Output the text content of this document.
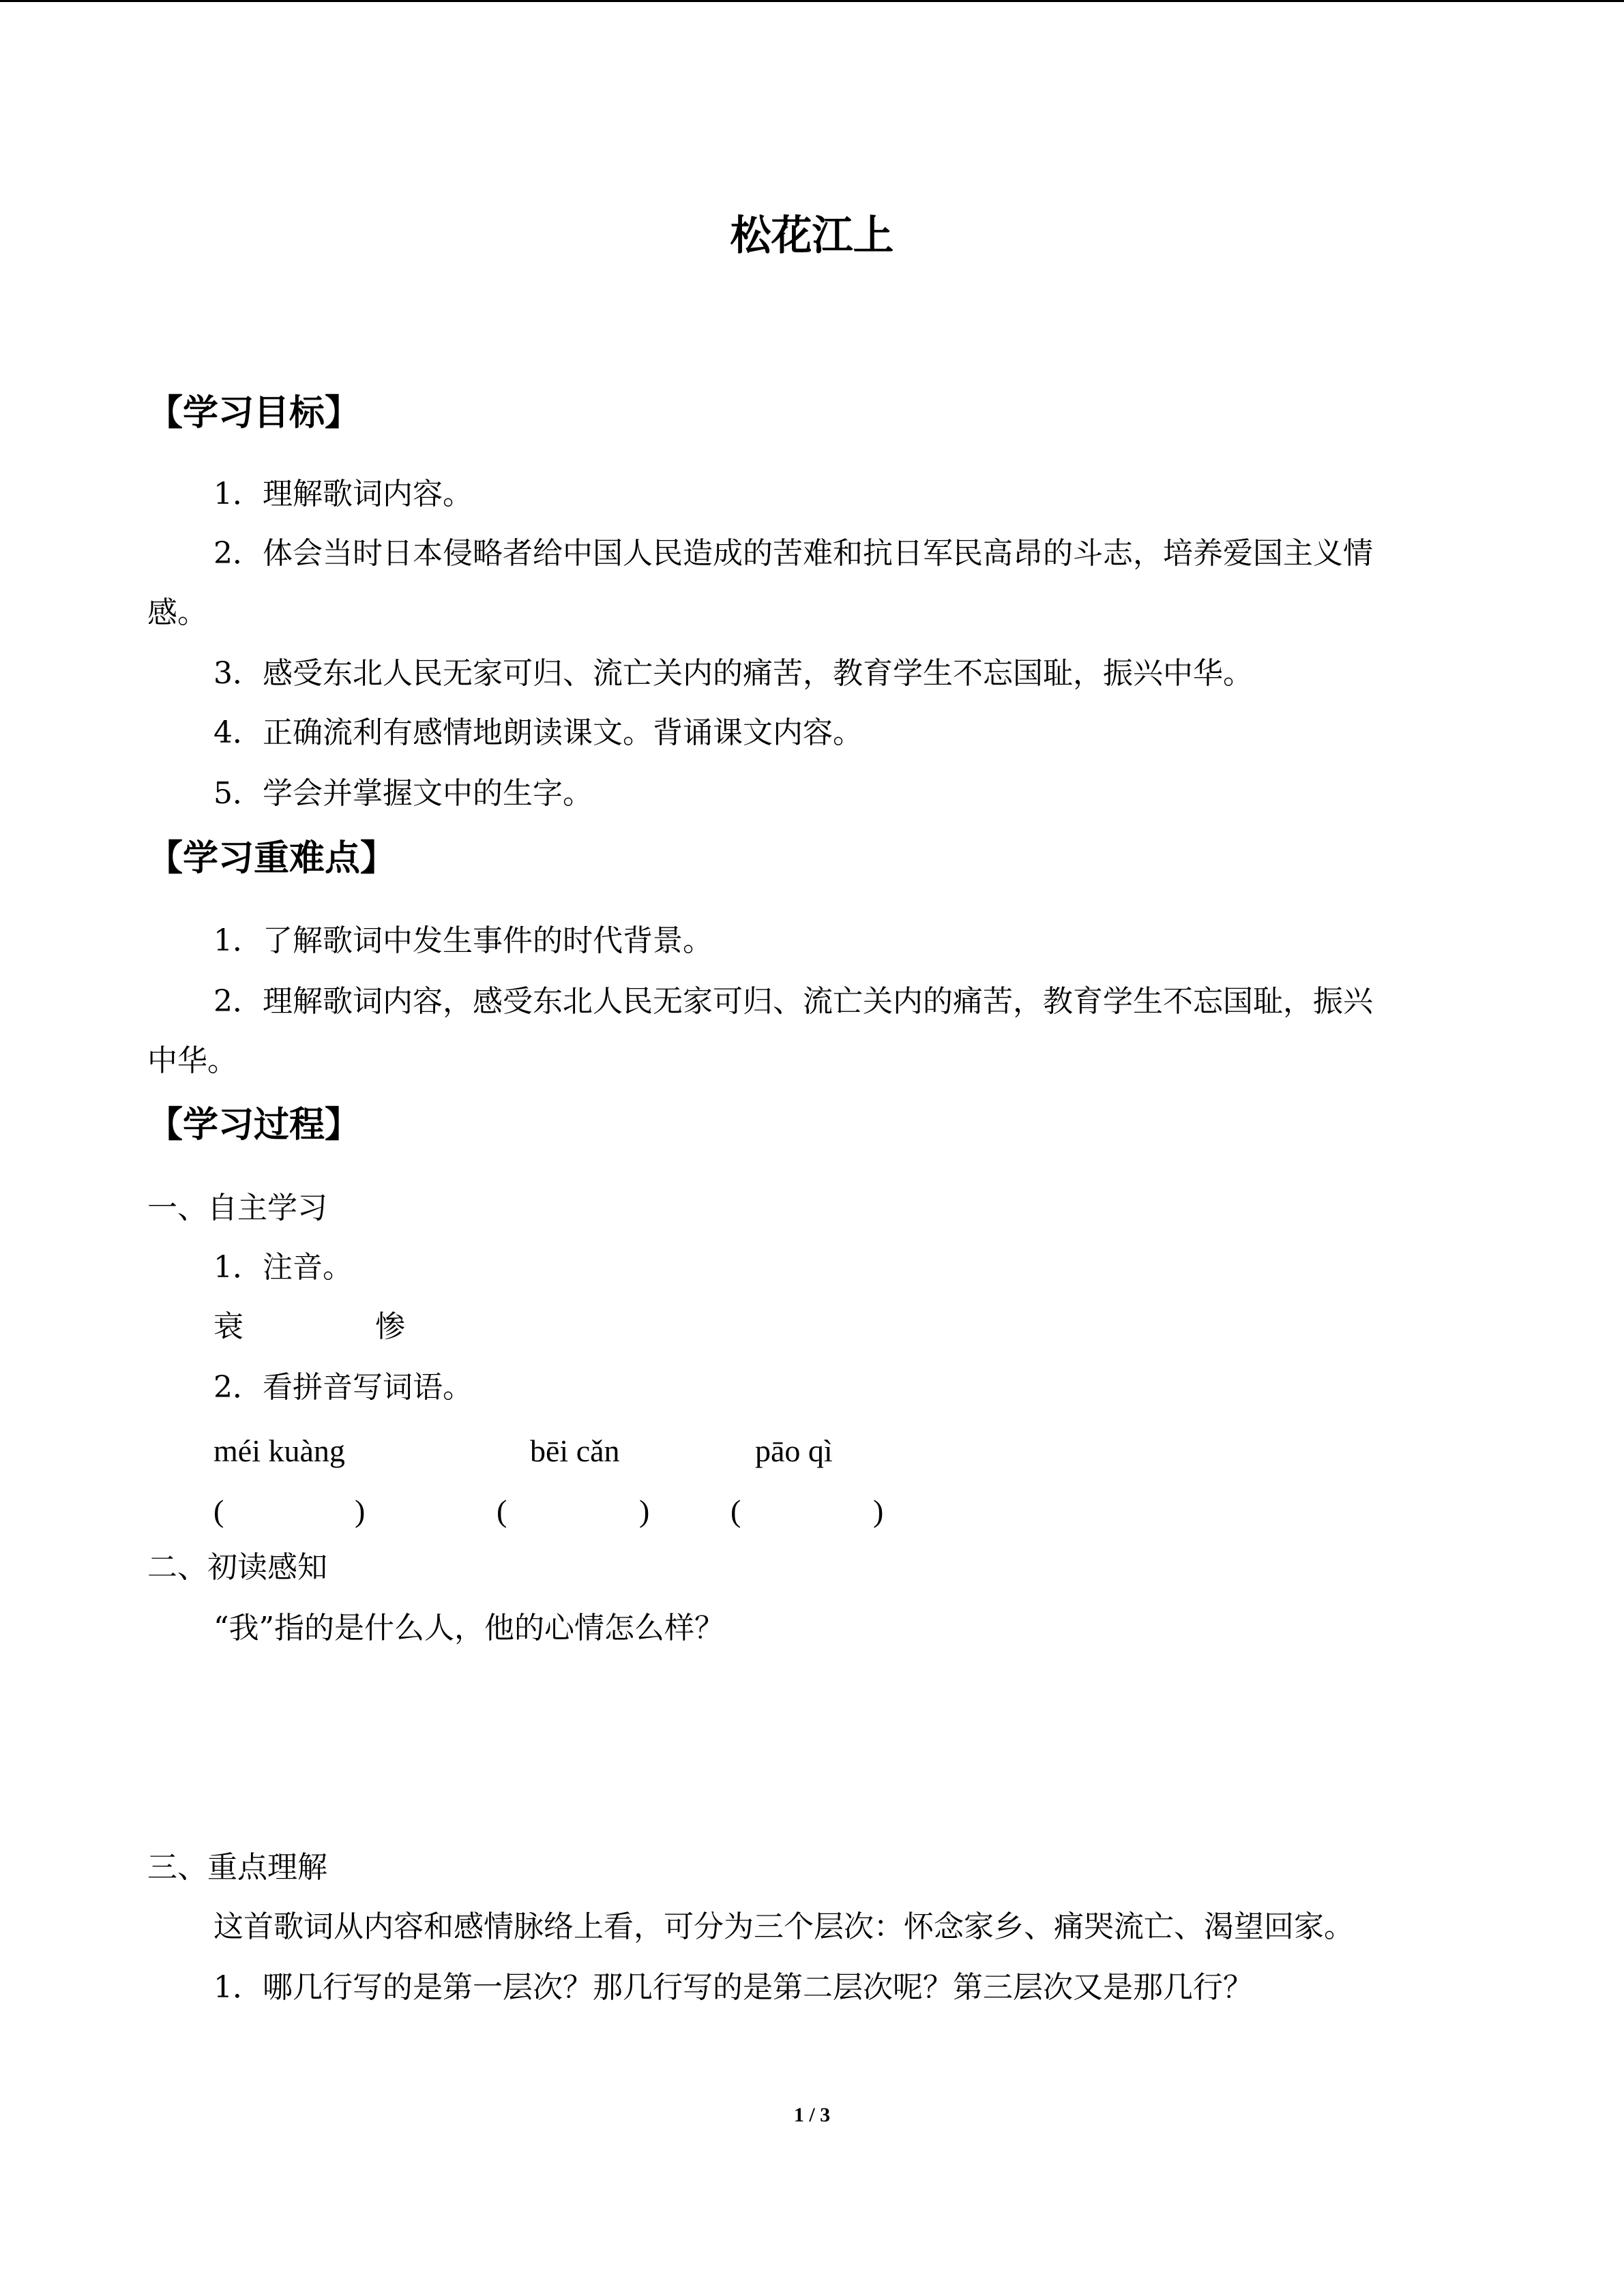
松花江上
【学习目标】
1．理解歌词内容。
2．体会当时日本侵略者给中国人民造成的苦难和抗日军民高昂的斗志，培养爱国主义情
感。
3．感受东北人民无家可归、流亡关内的痛苦，教育学生不忘国耻，振兴中华。
4．正确流利有感情地朗读课文。背诵课文内容。
5．学会并掌握文中的生字。
【学习重难点】
1．了解歌词中发生事件的时代背景。
2．理解歌词内容，感受东北人民无家可归、流亡关内的痛苦，教育学生不忘国耻，振兴
中华。
【学习过程】
一、自主学习
1．注音。
衰	惨
2．看拼音写词语。
méi kuàng	bēi cǎn	pāo qì
(	)	(	)	(	)
二、初读感知
“我”指的是什么人，他的心情怎么样？
三、重点理解
这首歌词从内容和感情脉络上看，可分为三个层次：怀念家乡、痛哭流亡、渴望回家。
1．哪几行写的是第一层次？那几行写的是第二层次呢？第三层次又是那几行？
1 / 3
